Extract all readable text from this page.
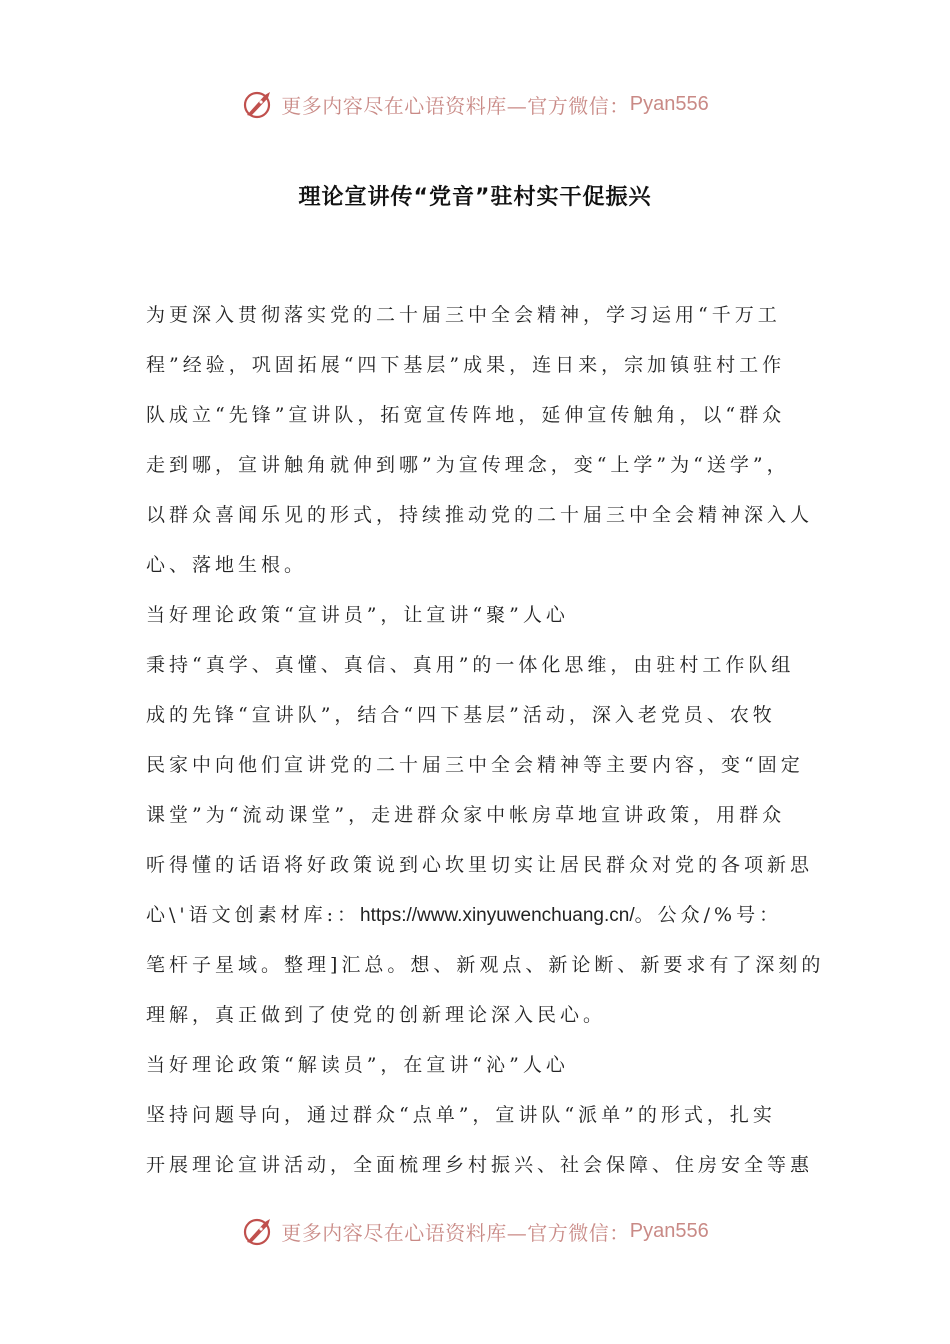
更多内容尽在心语资料库—官方微信： Pyan556
理论宣讲传“党音”驻村实干促振兴
为更深入贯彻落实党的二十届三中全会精神，学习运用“千万工
程”经验，巩固拓展“四下基层”成果，连日来，宗加镇驻村工作
队成立“先锋”宣讲队，拓宽宣传阵地，延伸宣传触角，以“群众
走到哪，宣讲触角就伸到哪”为宣传理念，变“上学”为“送学”，
以群众喜闻乐见的形式，持续推动党的二十届三中全会精神深入人
心、落地生根。
当好理论政策“宣讲员”，让宣讲“聚”人心
秉持“真学、真懂、真信、真用”的一体化思维，由驻村工作队组
成的先锋“宣讲队”，结合“四下基层”活动，深入老党员、农牧
民家中向他们宣讲党的二十届三中全会精神等主要内容，变“固定
课堂”为“流动课堂”，走进群众家中帐房草地宣讲政策，用群众
听得懂的话语将好政策说到心坎里切实让居民群众对党的各项新思
心\'语文创素材库:：https://www.xinyuwenchuang.cn/。公众/%号：
笔杆子星域。整理]汇总。想、新观点、新论断、新要求有了深刻的
理解，真正做到了使党的创新理论深入民心。
当好理论政策“解读员”，在宣讲“沁”人心
坚持问题导向，通过群众“点单”，宣讲队“派单”的形式，扎实
开展理论宣讲活动，全面梳理乡村振兴、社会保障、住房安全等惠
更多内容尽在心语资料库—官方微信： Pyan556
